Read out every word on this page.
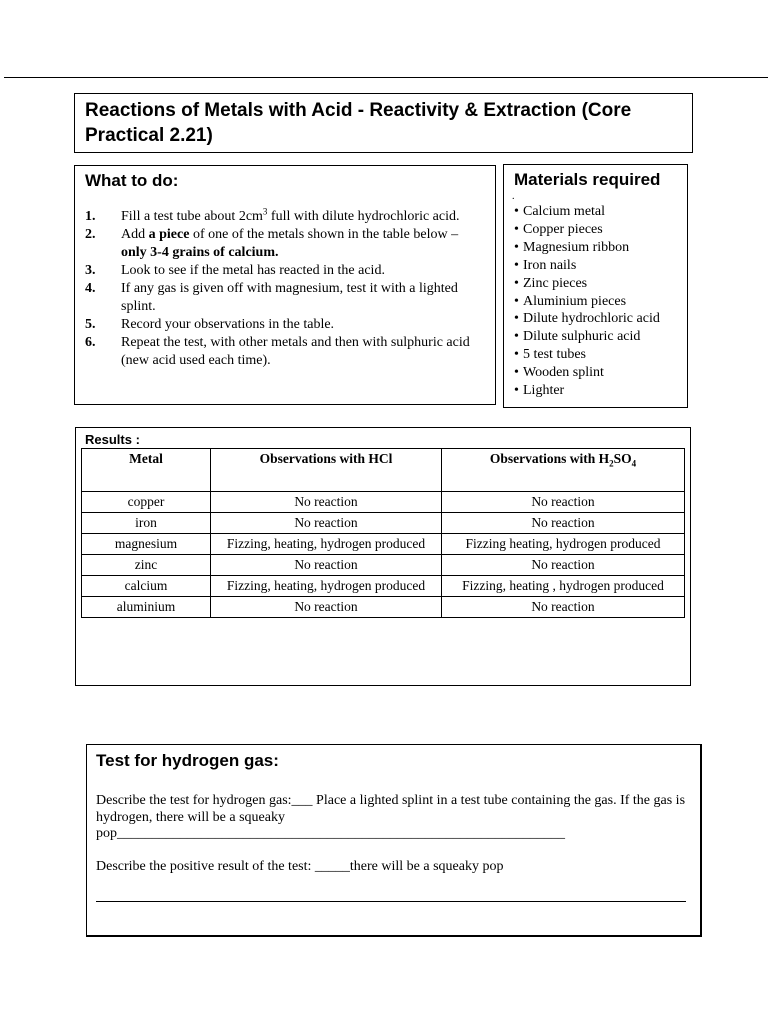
Reactions of Metals with Acid - Reactivity & Extraction (Core
Practical 2.21)
What to do:
1.	Fill a test tube about $2cm^3$ full with dilute hydrochloric acid.
2.	Add a piece of one of the metals shown in the table below – only 3-4 grains of calcium.
3.	Look to see if the metal has reacted in the acid.
4.	If any gas is given off with magnesium, test it with a lighted splint.
5.	Record your observations in the table.
6.	Repeat the test, with other metals and then with sulphuric acid (new acid used each time).
Materials required
.
• Calcium metal
• Copper pieces
• Magnesium ribbon
• Iron nails
• Zinc pieces
• Aluminium pieces
• Dilute hydrochloric acid
• Dilute sulphuric acid
• 5 test tubes
• Wooden splint
• Lighter
Results :
Metal	Observations with HCl	Observations with $H_2SO_4$
copper	No reaction	No reaction
iron	No reaction	No reaction
magnesium	Fizzing, heating, hydrogen produced	Fizzing heating, hydrogen produced
zinc	No reaction	No reaction
calcium	Fizzing, heating, hydrogen produced	Fizzing, heating , hydrogen produced
aluminium	No reaction	No reaction
Test for hydrogen gas:

Describe the test for hydrogen gas:___ Place a lighted splint in a test tube containing the gas. If the gas is hydrogen, there will be a squeaky pop________________________________________________________________

Describe the positive result of the test: _____there will be a squeaky pop
